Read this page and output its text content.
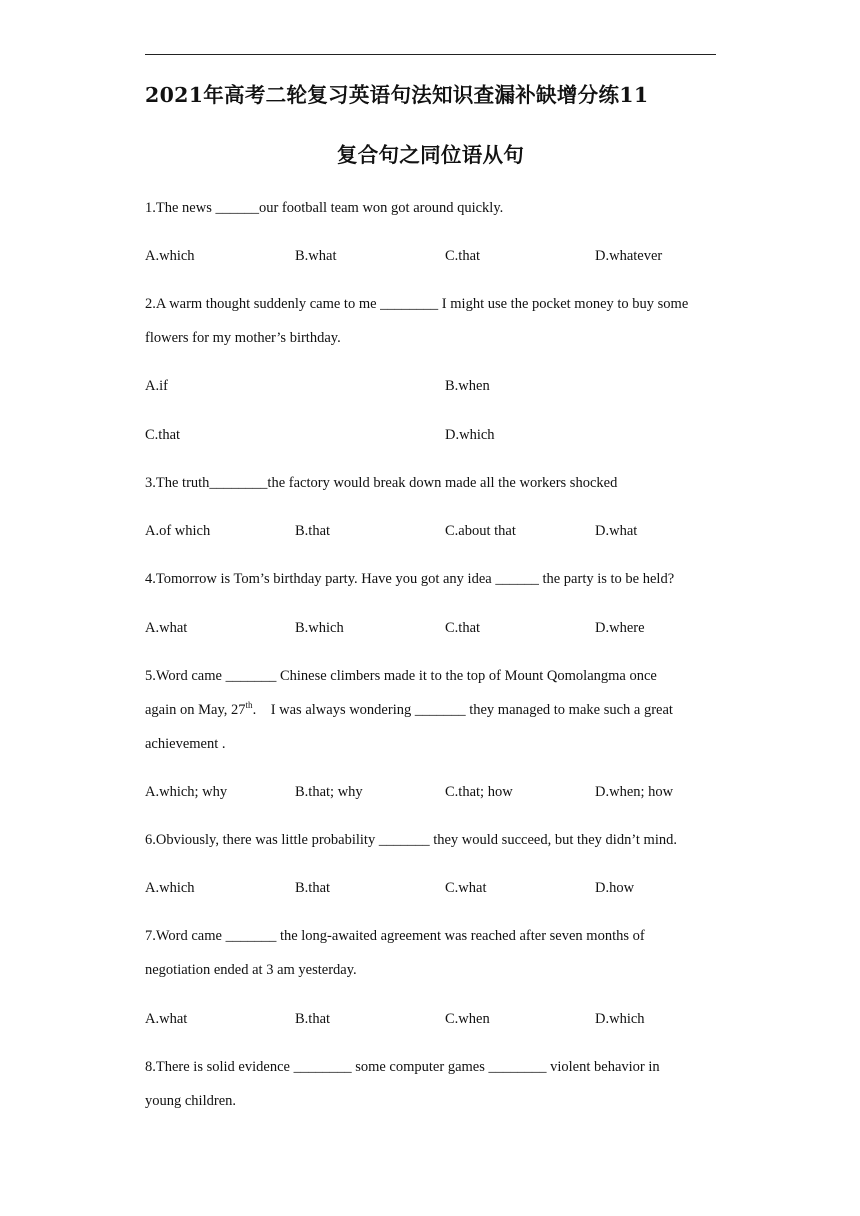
2021年高考二轮复习英语句法知识查漏补缺增分练11
复合句之同位语从句
1.The news ______our football team won got around quickly.
A.which	B.what	C.that	D.whatever
2.A warm thought suddenly came to me ________ I might use the pocket money to buy some
flowers for my mother’s birthday.
A.if	B.when
C.that	D.which
3.The truth________the factory would break down made all the workers shocked
A.of which	B.that	C.about that	D.what
4.Tomorrow is Tom’s birthday party. Have you got any idea ______ the party is to be held?
A.what	B.which	C.that	D.where
5.Word came _______ Chinese climbers made it to the top of Mount Qomolangma once
again on May, 27th.    I was always wondering _______ they managed to make such a great
achievement .
A.which; why	B.that; why	C.that; how	D.when; how
6.Obviously, there was little probability _______ they would succeed, but they didn’t mind.
A.which	B.that	C.what	D.how
7.Word came _______ the long-awaited agreement was reached after seven months of
negotiation ended at 3 am yesterday.
A.what	B.that	C.when	D.which
8.There is solid evidence ________ some computer games ________ violent behavior in
young children.
